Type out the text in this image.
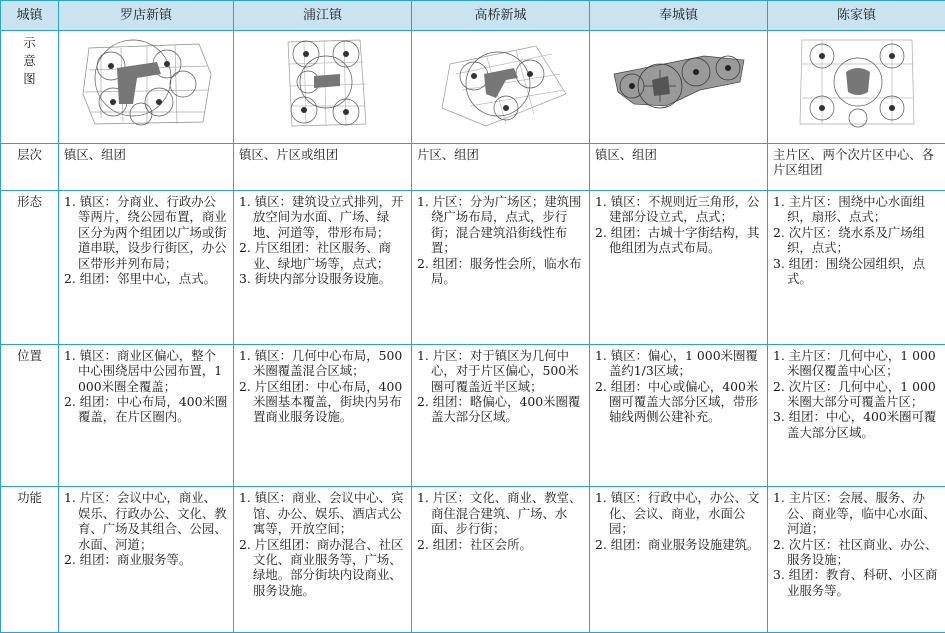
城镇	罗店新镇	浦江镇	高桥新城	奉城镇	陈家镇

示
意
图

层次	镇区、组团	镇区、片区或组团	片区、组团	镇区、组团	主片区、两个次片区中心、各片区组团
形态	1. 镇区：分商业、行政办公等两片，绕公园布置，商业区分为两个组团以广场或街道串联，设步行街区，办公区带形并列布局；
2. 组团：邻里中心，点式。	1. 镇区：建筑设立式排列，开放空间为水面、广场、绿地、河道等，带形布局；
2. 片区组团：社区服务、商业、绿地广场等，点式；
3. 街块内部分设服务设施。	1. 片区：分为广场区；建筑围绕广场布局，点式，步行街；混合建筑沿街线性布置；
2. 组团：服务性会所，临水布局。	1. 镇区：不规则近三角形，公建部分设立式，点式；
2. 组团：古城十字街结构，其他组团为点式布局。	1. 主片区：围绕中心水面组织，扇形、点式；
2. 次片区：绕水系及广场组织，点式；
3. 组团：围绕公园组织，点式。

位置	1. 镇区：商业区偏心，整个中心围绕居中公园布置，1 000米圈全覆盖；
2. 组团：中心布局，400米圈覆盖，在片区圈内。	1. 镇区：几何中心布局，500米圈覆盖混合区域；
2. 片区组团：中心布局，400米圈基本覆盖，街块内另布置商业服务设施。	1. 片区：对于镇区为几何中心，对于片区偏心，500米圈可覆盖近半区域；
2. 组团：略偏心，400米圈覆盖大部分区域。	1. 镇区：偏心，1 000米圈覆盖约1/3区域；
2. 组团：中心或偏心，400米圈可覆盖大部分区域，带形轴线两侧公建补充。	1. 主片区：几何中心，1 000米圈仅覆盖中心区；
2. 次片区：几何中心，1 000米圈大部分可覆盖片区；
3. 组团：中心，400米圈可覆盖大部分区域。

功能	1. 片区：会议中心，商业、娱乐、行政办公、文化、教育、广场及其组合、公园、水面、河道；
2. 组团：商业服务等。	1. 镇区：商业、会议中心、宾馆、办公、娱乐、酒店式公寓等，开放空间；
2. 片区组团：商办混合、社区文化、商业服务等，广场、绿地。部分街块内设商业、服务设施。	1. 片区：文化、商业、教堂、商住混合建筑、广场、水面、步行街；
2. 组团：社区会所。	1. 镇区：行政中心，办公、文化、会议、商业，水面公园；
2. 组团：商业服务设施建筑。	1. 主片区：会展、服务、办公、商业等，临中心水面、河道；
2. 次片区：社区商业、办公、服务设施；
3. 组团：教育、科研、小区商业服务等。
